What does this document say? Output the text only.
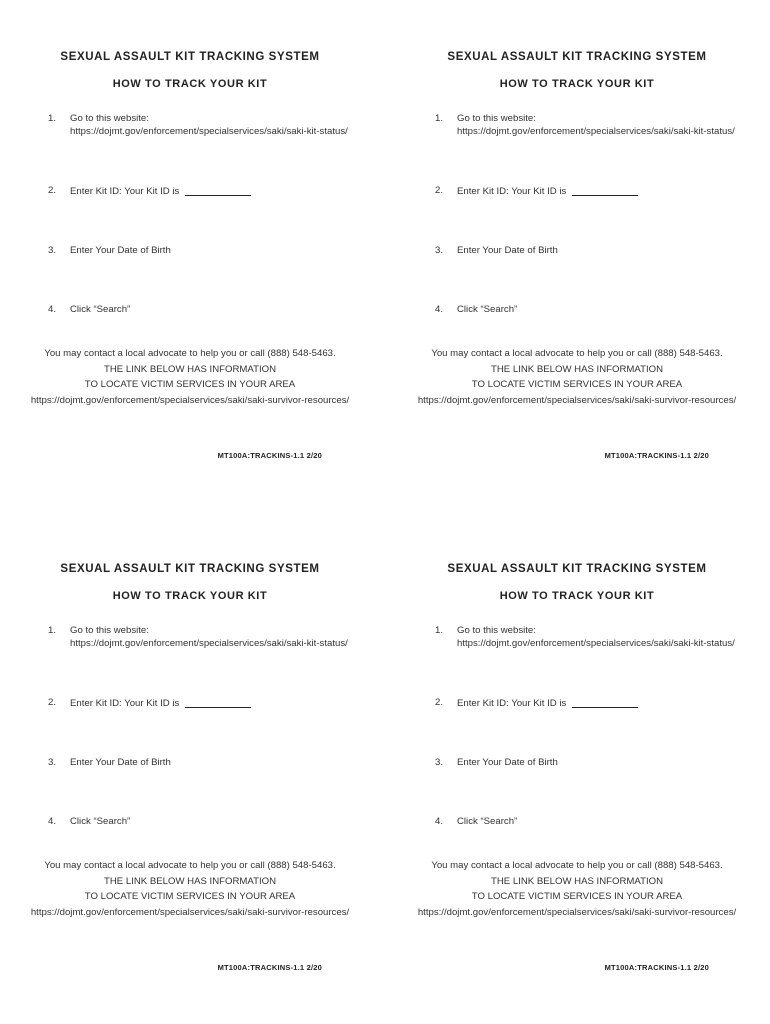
SEXUAL ASSAULT KIT TRACKING SYSTEM
HOW TO TRACK YOUR KIT
1. Go to this website:
https://dojmt.gov/enforcement/specialservices/saki/saki-kit-status/
2. Enter Kit ID: Your Kit ID is
3. Enter Your Date of Birth
4. Click “Search”
You may contact a local advocate to help you or call (888) 548-5463.
THE LINK BELOW HAS INFORMATION
TO LOCATE VICTIM SERVICES IN YOUR AREA
https://dojmt.gov/enforcement/specialservices/saki/saki-survivor-resources/
MT100A:TRACKINS-1.1 2/20
SEXUAL ASSAULT KIT TRACKING SYSTEM
HOW TO TRACK YOUR KIT
1. Go to this website:
https://dojmt.gov/enforcement/specialservices/saki/saki-kit-status/
2. Enter Kit ID: Your Kit ID is
3. Enter Your Date of Birth
4. Click “Search”
You may contact a local advocate to help you or call (888) 548-5463.
THE LINK BELOW HAS INFORMATION
TO LOCATE VICTIM SERVICES IN YOUR AREA
https://dojmt.gov/enforcement/specialservices/saki/saki-survivor-resources/
MT100A:TRACKINS-1.1 2/20
SEXUAL ASSAULT KIT TRACKING SYSTEM
HOW TO TRACK YOUR KIT
1. Go to this website:
https://dojmt.gov/enforcement/specialservices/saki/saki-kit-status/
2. Enter Kit ID: Your Kit ID is
3. Enter Your Date of Birth
4. Click “Search”
You may contact a local advocate to help you or call (888) 548-5463.
THE LINK BELOW HAS INFORMATION
TO LOCATE VICTIM SERVICES IN YOUR AREA
https://dojmt.gov/enforcement/specialservices/saki/saki-survivor-resources/
MT100A:TRACKINS-1.1 2/20
SEXUAL ASSAULT KIT TRACKING SYSTEM
HOW TO TRACK YOUR KIT
1. Go to this website:
https://dojmt.gov/enforcement/specialservices/saki/saki-kit-status/
2. Enter Kit ID: Your Kit ID is
3. Enter Your Date of Birth
4. Click “Search”
You may contact a local advocate to help you or call (888) 548-5463.
THE LINK BELOW HAS INFORMATION
TO LOCATE VICTIM SERVICES IN YOUR AREA
https://dojmt.gov/enforcement/specialservices/saki/saki-survivor-resources/
MT100A:TRACKINS-1.1 2/20
